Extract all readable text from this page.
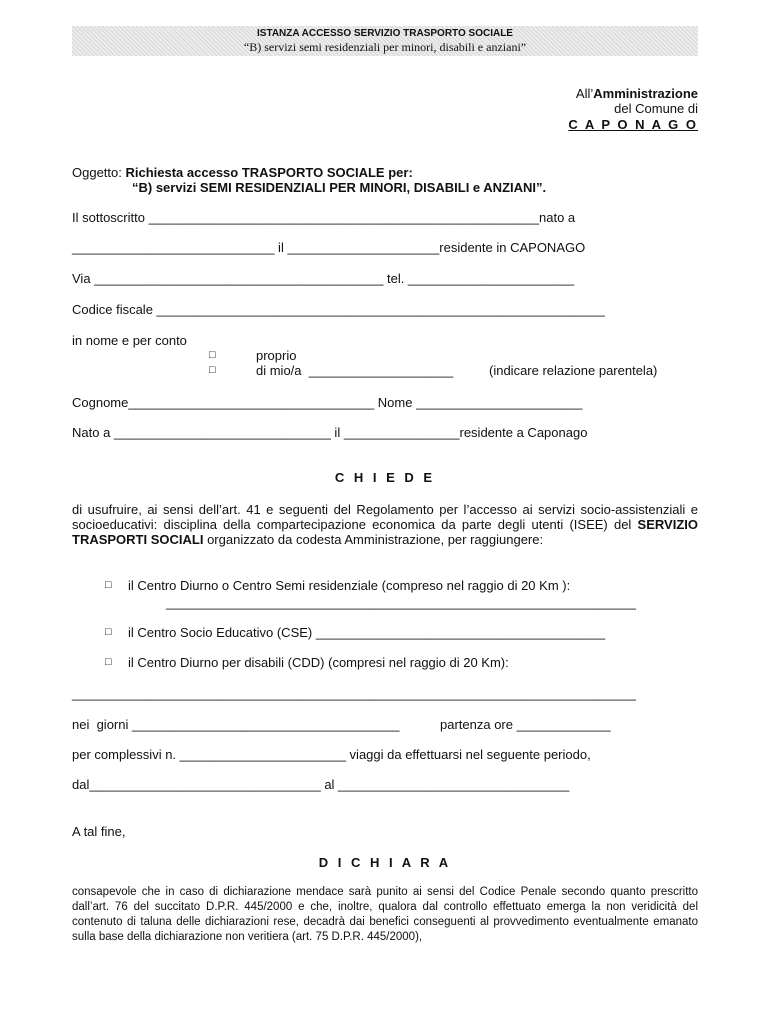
ISTANZA ACCESSO SERVIZIO TRASPORTO SOCIALE
“B) servizi semi residenziali per minori, disabili e anziani”
All’Amministrazione
del Comune di
C A P O N A G O
Oggetto: Richiesta accesso TRASPORTO SOCIALE per:
“B) servizi SEMI RESIDENZIALI PER MINORI, DISABILI e ANZIANI”.
Il sottoscritto ______________________________________________________nato a
____________________________ il _____________________residente in CAPONAGO
Via ________________________________________ tel. _______________________
Codice fiscale ______________________________________________________________
in nome e per conto
□	proprio
□	di mio/a  ____________________	(indicare relazione parentela)
Cognome__________________________________ Nome _______________________
Nato a ______________________________ il ________________residente a Caponago
C H I E D E
di usufruire, ai sensi dell’art. 41 e seguenti del Regolamento per l’accesso ai servizi socio-assistenziali e socioeducativi: disciplina della compartecipazione economica da parte degli utenti (ISEE) del SERVIZIO TRASPORTI SOCIALI organizzato da codesta Amministrazione, per raggiungere:
□ il Centro Diurno o Centro Semi residenziale (compreso nel raggio di 20 Km ):
_________________________________________________________________
□ il Centro Socio Educativo (CSE) ________________________________________
□ il Centro Diurno per disabili (CDD) (compresi nel raggio di 20 Km):
______________________________________________________________________________
nei  giorni _____________________________________	partenza ore _____________
per complessivi n. _______________________ viaggi da effettuarsi nel seguente periodo,
dal________________________________ al ________________________________
A tal fine,
D I C H I A R A
consapevole che in caso di dichiarazione mendace sarà punito ai sensi del Codice Penale secondo quanto prescritto dall’art. 76 del succitato D.P.R. 445/2000 e che, inoltre, qualora dal controllo effettuato emerga la non veridicità del contenuto di taluna delle dichiarazioni rese, decadrà dai benefici conseguenti al provvedimento eventualmente emanato sulla base della dichiarazione non veritiera (art. 75 D.P.R. 445/2000),
